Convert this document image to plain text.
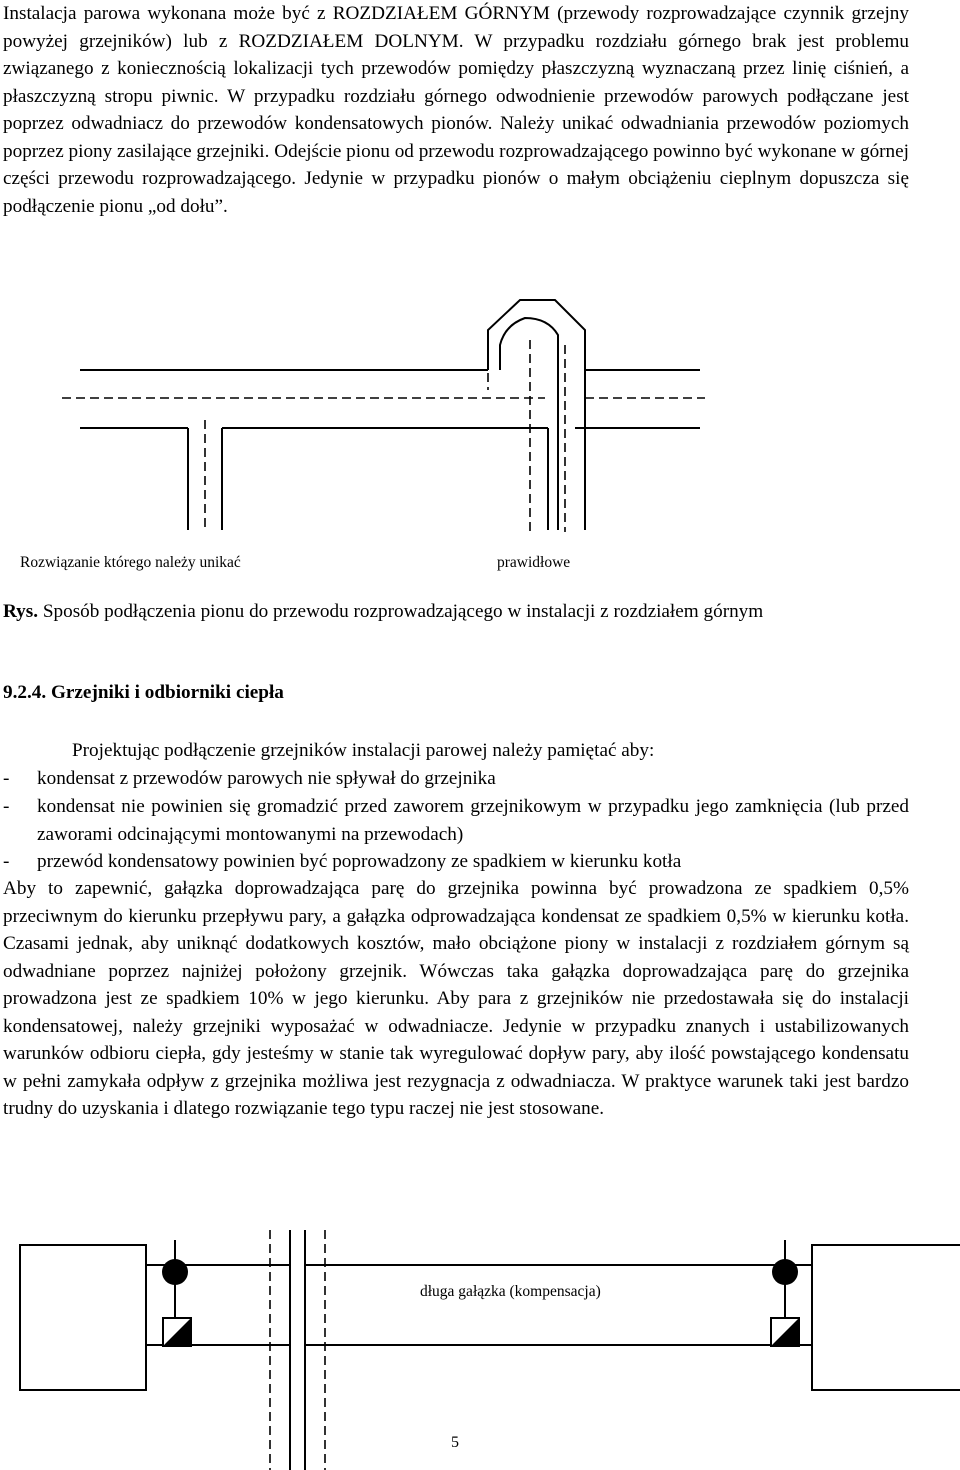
Instalacja parowa wykonana może być z ROZDZIAŁEM GÓRNYM (przewody rozprowadzające czynnik grzejny powyżej grzejników) lub z ROZDZIAŁEM DOLNYM. W przypadku rozdziału górnego brak jest problemu związanego z koniecznością lokalizacji tych przewodów pomiędzy płaszczyzną wyznaczaną przez linię ciśnień, a płaszczyzną stropu piwnic. W przypadku rozdziału górnego odwodnienie przewodów parowych podłączane jest poprzez odwadniacz do przewodów kondensatowych pionów. Należy unikać odwadniania przewodów poziomych poprzez piony zasilające grzejniki. Odejście pionu od przewodu rozprowadzającego powinno być wykonane w górnej części przewodu rozprowadzającego. Jedynie w przypadku pionów o małym obciążeniu cieplnym dopuszcza się podłączenie pionu „od dołu”.

Rozwiązanie którego należy unikać	prawidłowe
Rys. Sposób podłączenia pionu do przewodu rozprowadzającego w instalacji z rozdziałem górnym
9.2.4. Grzejniki i odbiorniki ciepła
Projektując podłączenie grzejników instalacji parowej należy pamiętać aby:
- kondensat z przewodów parowych nie spływał do grzejnika
- kondensat nie powinien się gromadzić przed zaworem grzejnikowym w przypadku jego zamknięcia (lub przed zaworami odcinającymi montowanymi na przewodach)
- przewód kondensatowy powinien być poprowadzony ze spadkiem w kierunku kotła

Aby to zapewnić, gałązka doprowadzająca parę do grzejnika powinna być prowadzona ze spadkiem 0,5% przeciwnym do kierunku przepływu pary, a gałązka odprowadzająca kondensat ze spadkiem 0,5% w kierunku kotła. Czasami jednak, aby uniknąć dodatkowych kosztów, mało obciążone piony w instalacji z rozdziałem górnym są odwadniane poprzez najniżej położony grzejnik. Wówczas taka gałązka doprowadzająca parę do grzejnika prowadzona jest ze spadkiem 10% w jego kierunku. Aby para z grzejników nie przedostawała się do instalacji kondensatowej, należy grzejniki wyposażać w odwadniacze. Jedynie w przypadku znanych i ustabilizowanych warunków odbioru ciepła, gdy jesteśmy w stanie tak wyregulować dopływ pary, aby ilość powstającego kondensatu w pełni zamykała odpływ z grzejnika możliwa jest rezygnacja z odwadniacza. W praktyce warunek taki jest bardzo trudny do uzyskania i dlatego rozwiązanie tego typu raczej nie jest stosowane.

długa gałązka (kompensacja)
5
